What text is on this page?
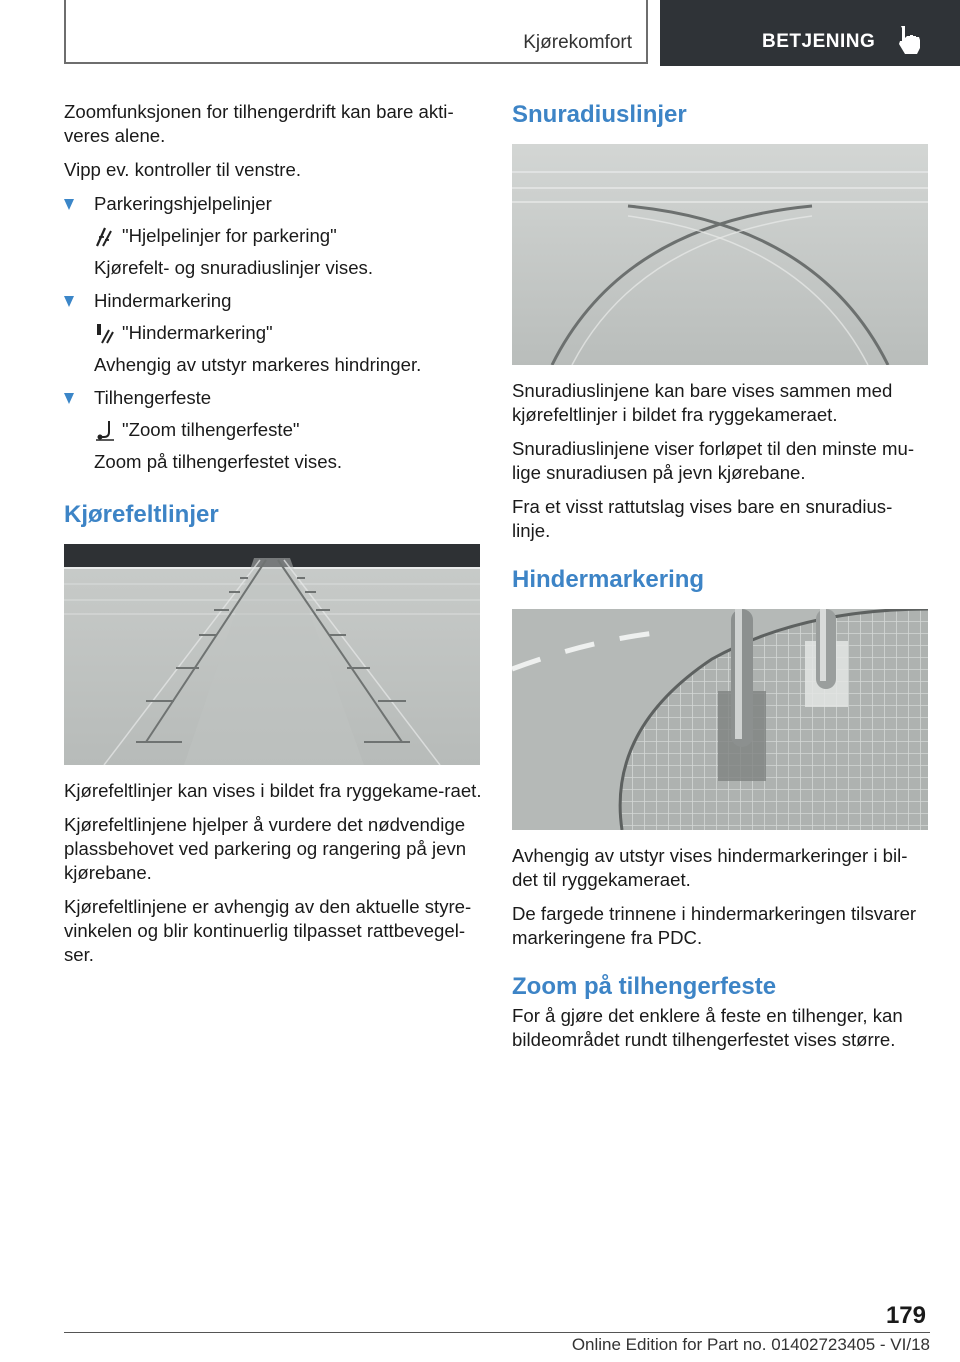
Kjørekomfort	BETJENING

Zoomfunksjonen for tilhengerdrift kan bare akti-veres alene.

Vipp ev. kontroller til venstre.

Parkeringshjelpelinjer

"Hjelpelinjer for parkering"

Kjørefelt- og snuradiuslinjer vises.

Hindermarkering

"Hindermarkering"

Avhengig av utstyr markeres hindringer.

Tilhengerfeste

"Zoom tilhengerfeste"

Zoom på tilhengerfestet vises.

Kjørefeltlinjer

Kjørefeltlinjer kan vises i bildet fra ryggekame-raet.

Kjørefeltlinjene hjelper å vurdere det nødvendige plassbehovet ved parkering og rangering på jevn kjørebane.

Kjørefeltlinjene er avhengig av den aktuelle styre-vinkelen og blir kontinuerlig tilpasset rattbevegel-ser.

Snuradiuslinjer

Snuradiuslinjene kan bare vises sammen med kjørefeltlinjer i bildet fra ryggekameraet.

Snuradiuslinjene viser forløpet til den minste mu-lige snuradiusen på jevn kjørebane.

Fra et visst rattutslag vises bare en snuradius-linje.

Hindermarkering

Avhengig av utstyr vises hindermarkeringer i bil-det til ryggekameraet.

De fargede trinnene i hindermarkeringen tilsvarer markeringene fra PDC.

Zoom på tilhengerfeste

For å gjøre det enklere å feste en tilhenger, kan bildeområdet rundt tilhengerfestet vises større.

179
Online Edition for Part no. 01402723405 - VI/18
